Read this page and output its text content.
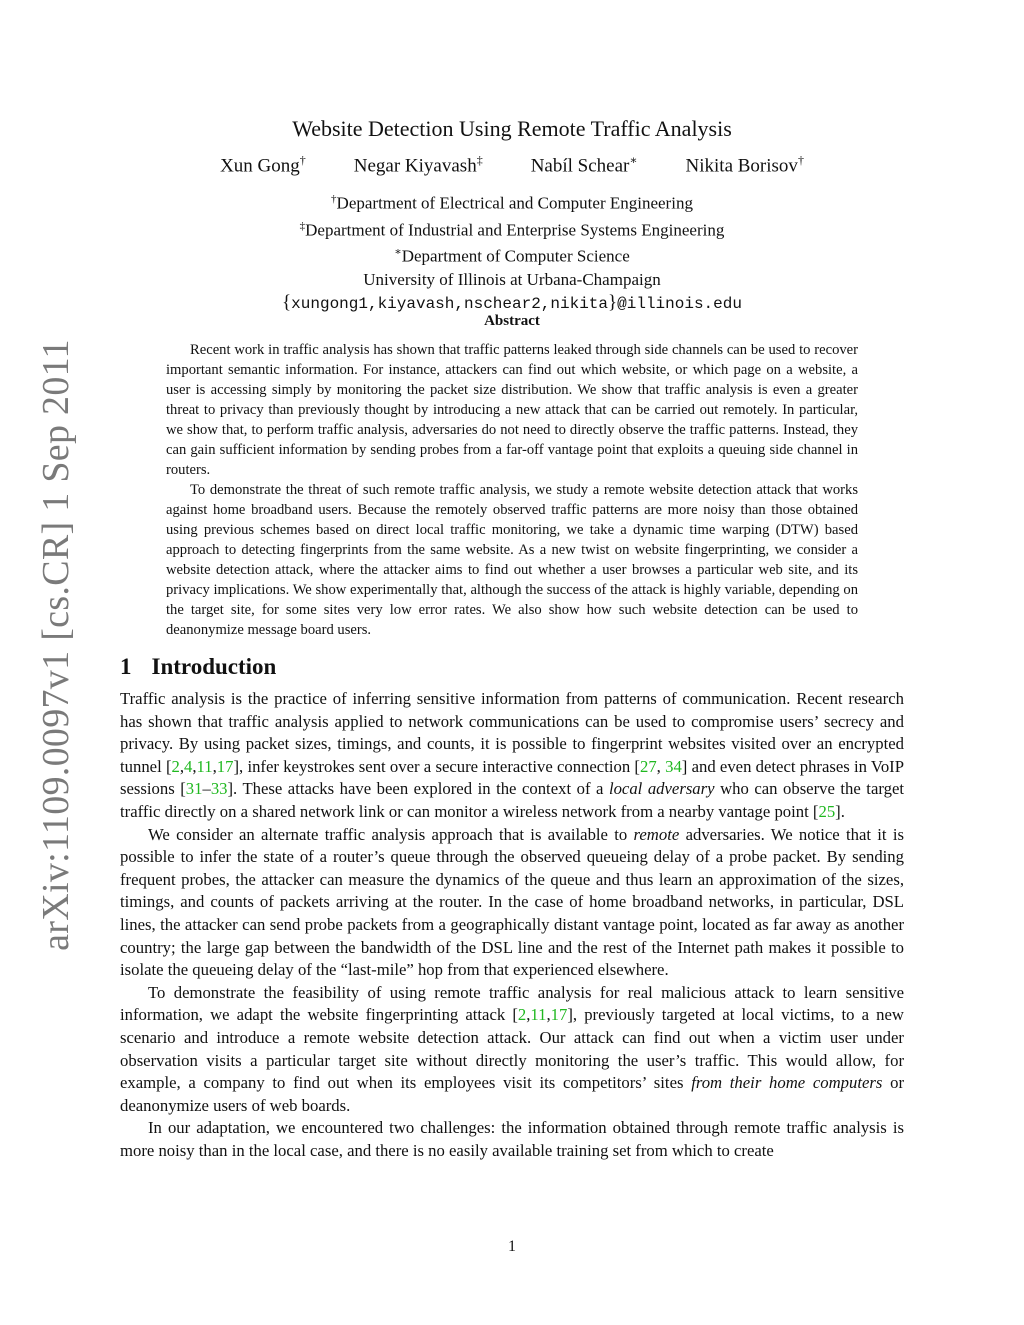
arXiv:1109.0097v1 [cs.CR] 1 Sep 2011
Website Detection Using Remote Traffic Analysis
Xun Gong†	Negar Kiyavash‡	Nabíl Schear∗	Nikita Borisov†
†Department of Electrical and Computer Engineering
‡Department of Industrial and Enterprise Systems Engineering
∗Department of Computer Science
University of Illinois at Urbana-Champaign
{xungong1,kiyavash,nschear2,nikita}@illinois.edu
Abstract

Recent work in traffic analysis has shown that traffic patterns leaked through side channels can be used to recover important semantic information. For instance, attackers can find out which website, or which page on a website, a user is accessing simply by monitoring the packet size distribution. We show that traffic analysis is even a greater threat to privacy than previously thought by introducing a new attack that can be carried out remotely. In particular, we show that, to perform traffic analysis, adversaries do not need to directly observe the traffic patterns. Instead, they can gain sufficient information by sending probes from a far-off vantage point that exploits a queuing side channel in routers.

To demonstrate the threat of such remote traffic analysis, we study a remote website detection attack that works against home broadband users. Because the remotely observed traffic patterns are more noisy than those obtained using previous schemes based on direct local traffic monitoring, we take a dynamic time warping (DTW) based approach to detecting fingerprints from the same website. As a new twist on website fingerprinting, we consider a website detection attack, where the attacker aims to find out whether a user browses a particular web site, and its privacy implications. We show experimentally that, although the success of the attack is highly variable, depending on the target site, for some sites very low error rates. We also show how such website detection can be used to deanonymize message board users.

1 Introduction

Traffic analysis is the practice of inferring sensitive information from patterns of communication. Recent research has shown that traffic analysis applied to network communications can be used to compromise users’ secrecy and privacy. By using packet sizes, timings, and counts, it is possible to fingerprint websites visited over an encrypted tunnel [2,4,11,17], infer keystrokes sent over a secure interactive connection [27, 34] and even detect phrases in VoIP sessions [31–33]. These attacks have been explored in the context of a local adversary who can observe the target traffic directly on a shared network link or can monitor a wireless network from a nearby vantage point [25].

We consider an alternate traffic analysis approach that is available to remote adversaries. We notice that it is possible to infer the state of a router’s queue through the observed queueing delay of a probe packet. By sending frequent probes, the attacker can measure the dynamics of the queue and thus learn an approximation of the sizes, timings, and counts of packets arriving at the router. In the case of home broadband networks, in particular, DSL lines, the attacker can send probe packets from a geographically distant vantage point, located as far away as another country; the large gap between the bandwidth of the DSL line and the rest of the Internet path makes it possible to isolate the queueing delay of the “last-mile” hop from that experienced elsewhere.

To demonstrate the feasibility of using remote traffic analysis for real malicious attack to learn sensitive information, we adapt the website fingerprinting attack [2,11,17], previously targeted at local victims, to a new scenario and introduce a remote website detection attack. Our attack can find out when a victim user under observation visits a particular target site without directly monitoring the user’s traffic. This would allow, for example, a company to find out when its employees visit its competitors’ sites from their home computers or deanonymize users of web boards.

In our adaptation, we encountered two challenges: the information obtained through remote traffic analysis is more noisy than in the local case, and there is no easily available training set from which to create

1
